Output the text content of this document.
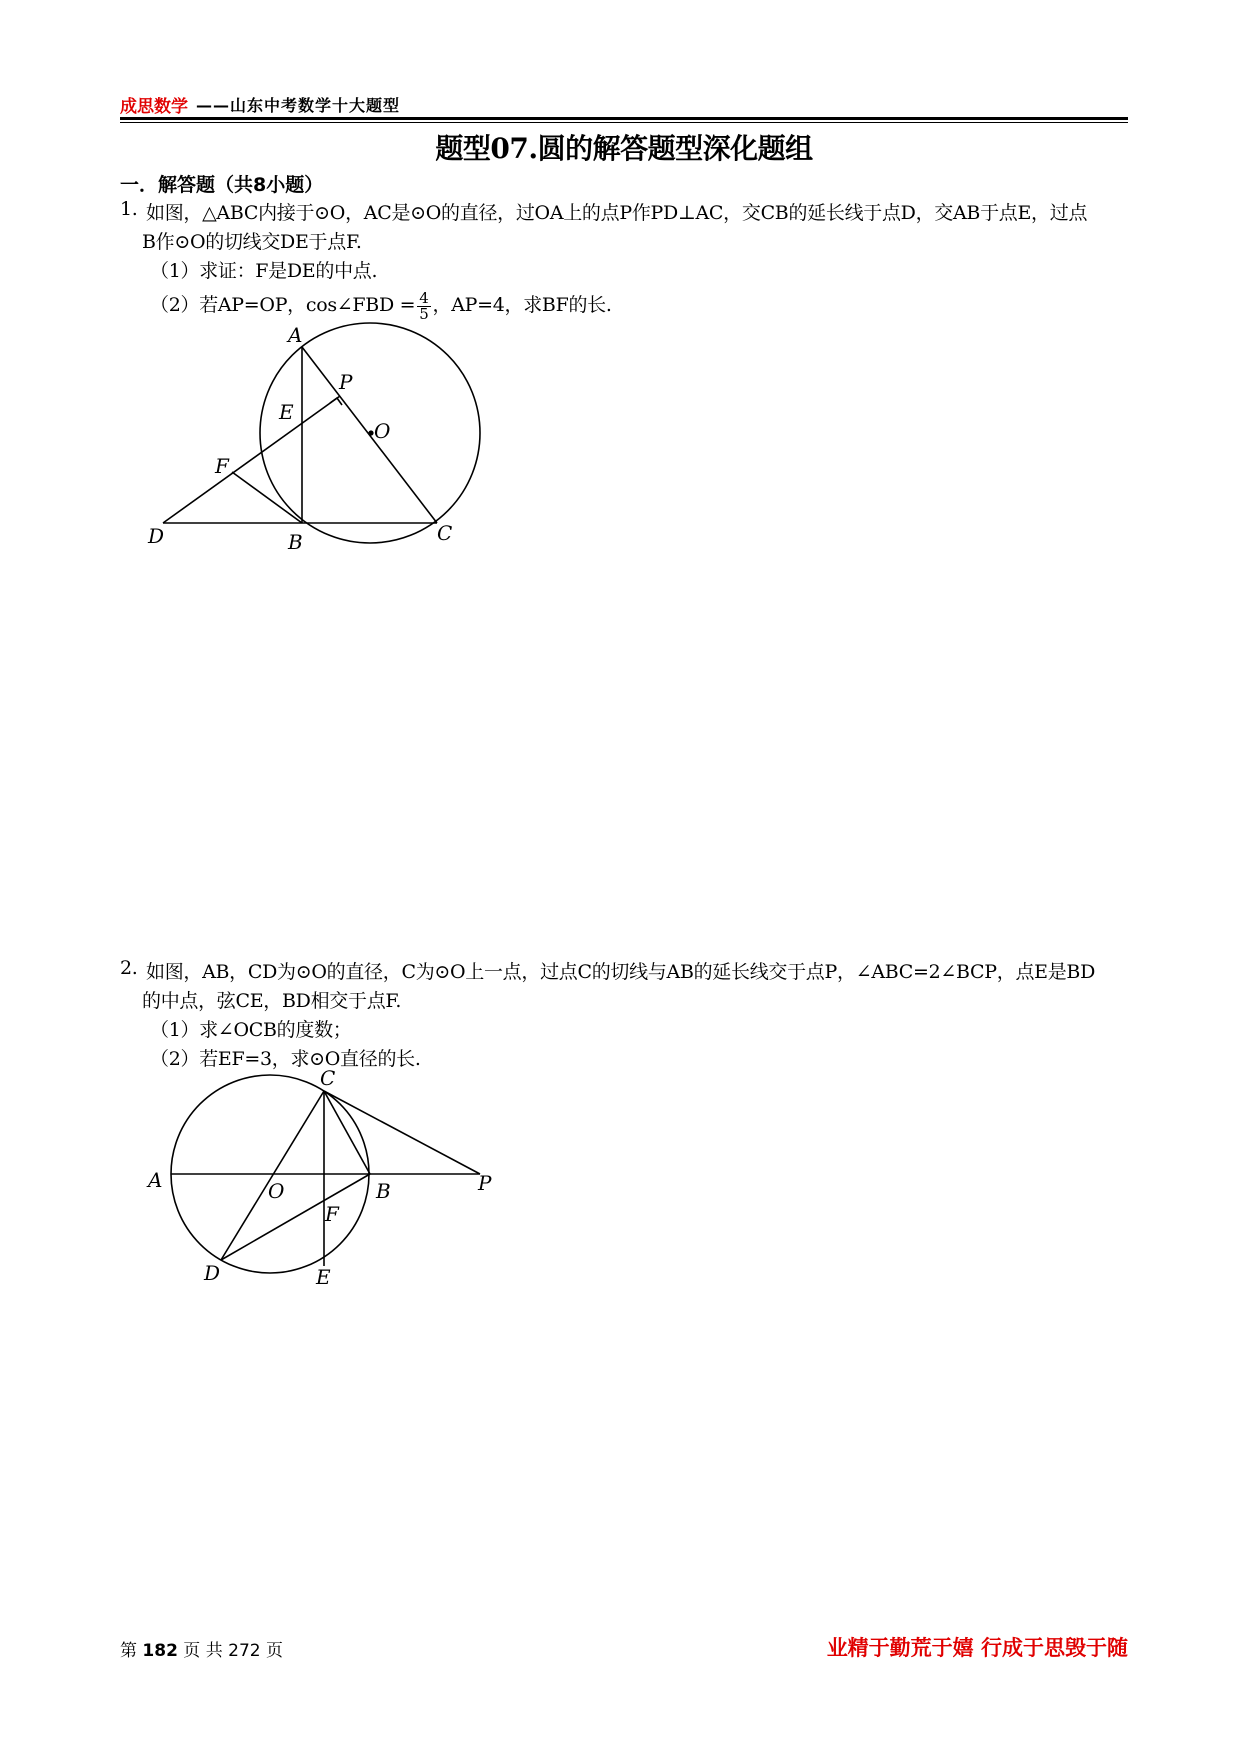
成思数学 ——山东中考数学十大题型
题型07.圆的解答题型深化题组
一．解答题（共8小题）
1. 如图，△ABC内接于⊙O，AC是⊙O的直径，过OA上的点P作PD⊥AC，交CB的延长线于点D，交AB于点E，过点
B作⊙O的切线交DE于点F.
（1）求证：F是DE的中点.
（2）若AP=OP，cos∠FBD = $\frac{4}{5}$ ，AP=4，求BF的长.
A
P
E
O
F
D	B	C
2. 如图，AB，CD为⊙O的直径，C为⊙O上一点，过点C的切线与AB的延长线交于点P，∠ABC=2∠BCP，点E是BD
的中点，弦CE，BD相交于点F.
（1）求∠OCB的度数；
（2）若EF=3，求⊙O直径的长.
A	O	B	P
C
F
D	E
第 182 页 共 272 页	业精于勤荒于嬉 行成于思毁于随
